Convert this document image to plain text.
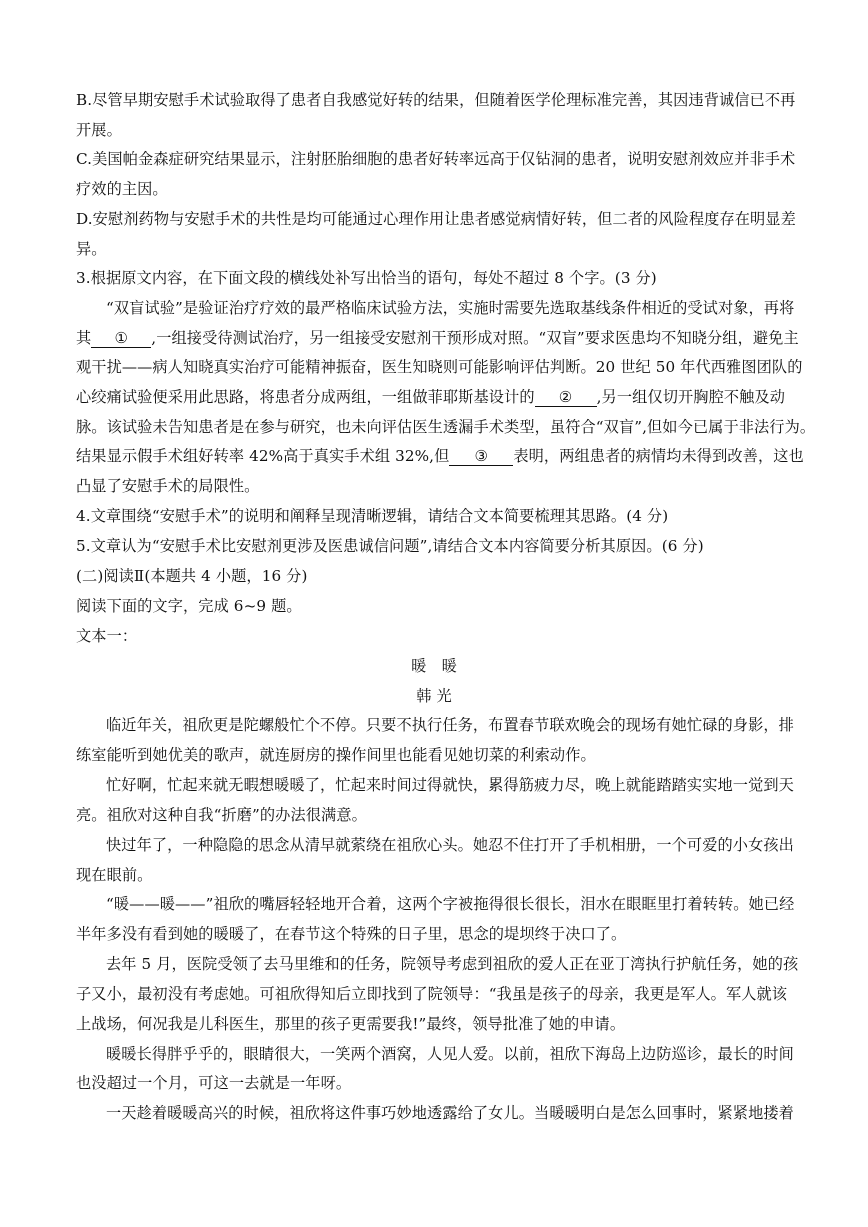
B.尽管早期安慰手术试验取得了患者自我感觉好转的结果，但随着医学伦理标准完善，其因违背诚信已不再
开展。
C.美国帕金森症研究结果显示，注射胚胎细胞的患者好转率远高于仅钻洞的患者，说明安慰剂效应并非手术
疗效的主因。
D.安慰剂药物与安慰手术的共性是均可能通过心理作用让患者感觉病情好转，但二者的风险程度存在明显差
异。
3.根据原文内容，在下面文段的横线处补写出恰当的语句，每处不超过 8 个字。(3 分)
“双盲试验”是验证治疗疗效的最严格临床试验方法，实施时需要先选取基线条件相近的受试对象，再将
其 ① ,一组接受待测试治疗，另一组接受安慰剂干预形成对照。“双盲”要求医患均不知晓分组，避免主
观干扰——病人知晓真实治疗可能精神振奋，医生知晓则可能影响评估判断。20 世纪 50 年代西雅图团队的
心绞痛试验便采用此思路，将患者分成两组，一组做菲耶斯基设计的 ② ,另一组仅切开胸腔不触及动
脉。该试验未告知患者是在参与研究，也未向评估医生透漏手术类型，虽符合“双盲”,但如今已属于非法行为。
结果显示假手术组好转率 42%高于真实手术组 32%,但 ③ 表明，两组患者的病情均未得到改善，这也
凸显了安慰手术的局限性。
4.文章围绕“安慰手术”的说明和阐释呈现清晰逻辑，请结合文本简要梳理其思路。(4 分)
5.文章认为“安慰手术比安慰剂更涉及医患诚信问题”,请结合文本内容简要分析其原因。(6 分)
(二)阅读Ⅱ(本题共 4 小题，16 分)
阅读下面的文字，完成 6~9 题。
文本一：
暖　暖
韩 光
临近年关，祖欣更是陀螺般忙个不停。只要不执行任务，布置春节联欢晚会的现场有她忙碌的身影，排
练室能听到她优美的歌声，就连厨房的操作间里也能看见她切菜的利索动作。
忙好啊，忙起来就无暇想暖暖了，忙起来时间过得就快，累得筋疲力尽，晚上就能踏踏实实地一觉到天
亮。祖欣对这种自我“折磨”的办法很满意。
快过年了，一种隐隐的思念从清早就萦绕在祖欣心头。她忍不住打开了手机相册，一个可爱的小女孩出
现在眼前。
“暖——暖——”祖欣的嘴唇轻轻地开合着，这两个字被拖得很长很长，泪水在眼眶里打着转转。她已经
半年多没有看到她的暖暖了，在春节这个特殊的日子里，思念的堤坝终于决口了。
去年 5 月，医院受领了去马里维和的任务，院领导考虑到祖欣的爱人正在亚丁湾执行护航任务，她的孩
子又小，最初没有考虑她。可祖欣得知后立即找到了院领导：“我虽是孩子的母亲，我更是军人。军人就该
上战场，何况我是儿科医生，那里的孩子更需要我!”最终，领导批准了她的申请。
暖暖长得胖乎乎的，眼睛很大，一笑两个酒窝，人见人爱。以前，祖欣下海岛上边防巡诊，最长的时间
也没超过一个月，可这一去就是一年呀。
一天趁着暖暖高兴的时候，祖欣将这件事巧妙地透露给了女儿。当暖暖明白是怎么回事时，紧紧地搂着
